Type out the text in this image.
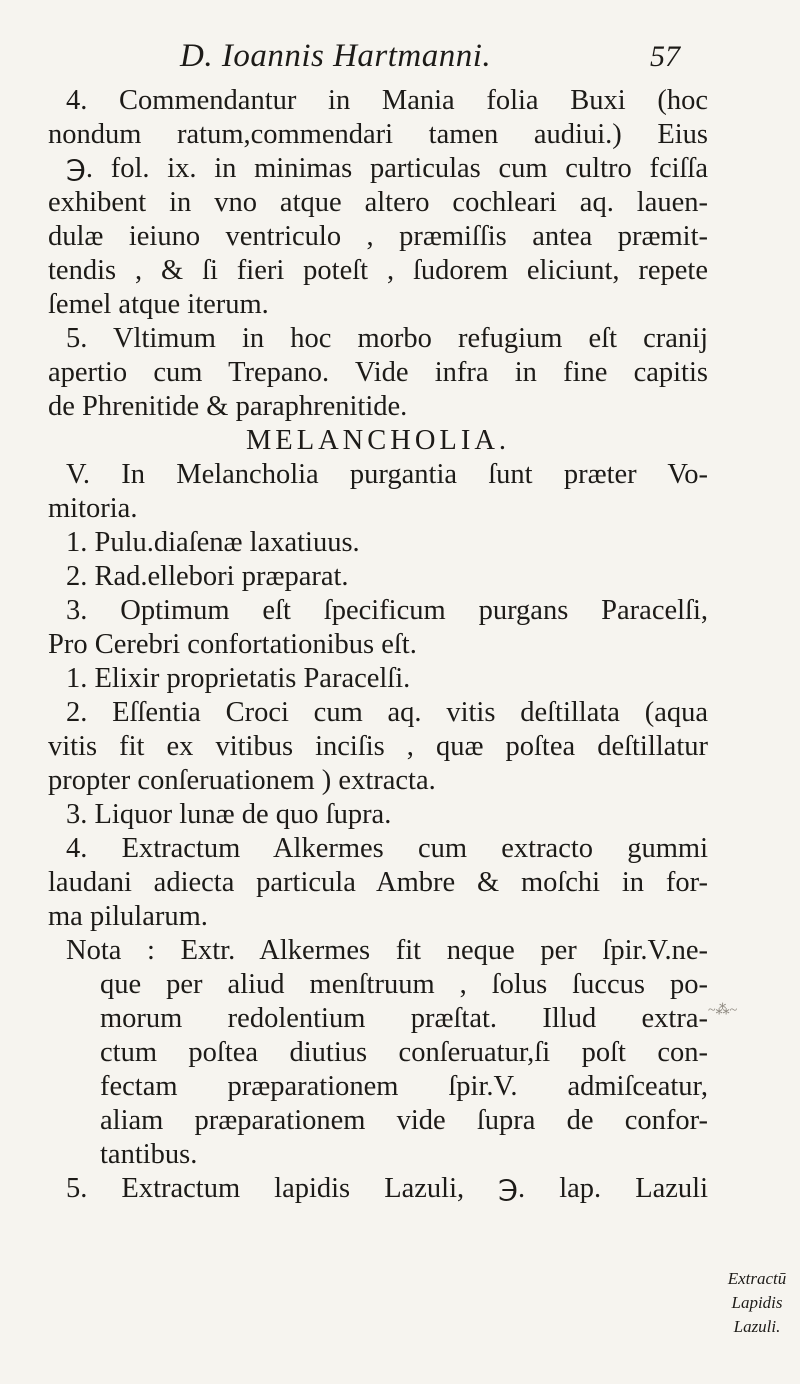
D. Ioannis Hartmanni.	57
4. Commendantur in Mania folia Buxi (hoc
nondum ratum,commendari tamen audiui.) Eius
℈. fol. ix. in minimas particulas cum cultro fciſſa
exhibent in vno atque altero cochleari aq. lauen-
dulæ ieiuno ventriculo , præmiſſis antea præmit-
tendis , & ſi fieri poteſt , ſudorem eliciunt, repete
ſemel atque iterum.
5. Vltimum in hoc morbo refugium eſt cranij
apertio cum Trepano. Vide infra in fine capitis
de Phrenitide & paraphrenitide.
MELANCHOLIA.
V. In Melancholia purgantia ſunt præter Vo-
mitoria.
1. Pulu.diaſenæ laxatiuus.
2. Rad.ellebori præparat.
3. Optimum eſt ſpecificum purgans Paracelſi,
Pro Cerebri confortationibus eſt.
1. Elixir proprietatis Paracelſi.
2. Eſſentia Croci cum aq. vitis deſtillata (aqua
vitis fit ex vitibus inciſis , quæ poſtea deſtillatur
propter conſeruationem ) extracta.
3. Liquor lunæ de quo ſupra.
4. Extractum Alkermes cum extracto gummi
laudani adiecta particula Ambre & moſchi in for-
ma pilularum.
Nota : Extr. Alkermes fit neque per ſpir.V.ne-
que per aliud menſtruum , ſolus ſuccus po-
morum redolentium præſtat. Illud extra-
ctum poſtea diutius conſeruatur,ſi poſt con-
fectam præparationem ſpir.V. admiſceatur,
aliam præparationem vide ſupra de confor-
tantibus.
5. Extractum lapidis Lazuli, ℈. lap. Lazuli
Extractū
Lapidis
Lazuli.
~⁂~
